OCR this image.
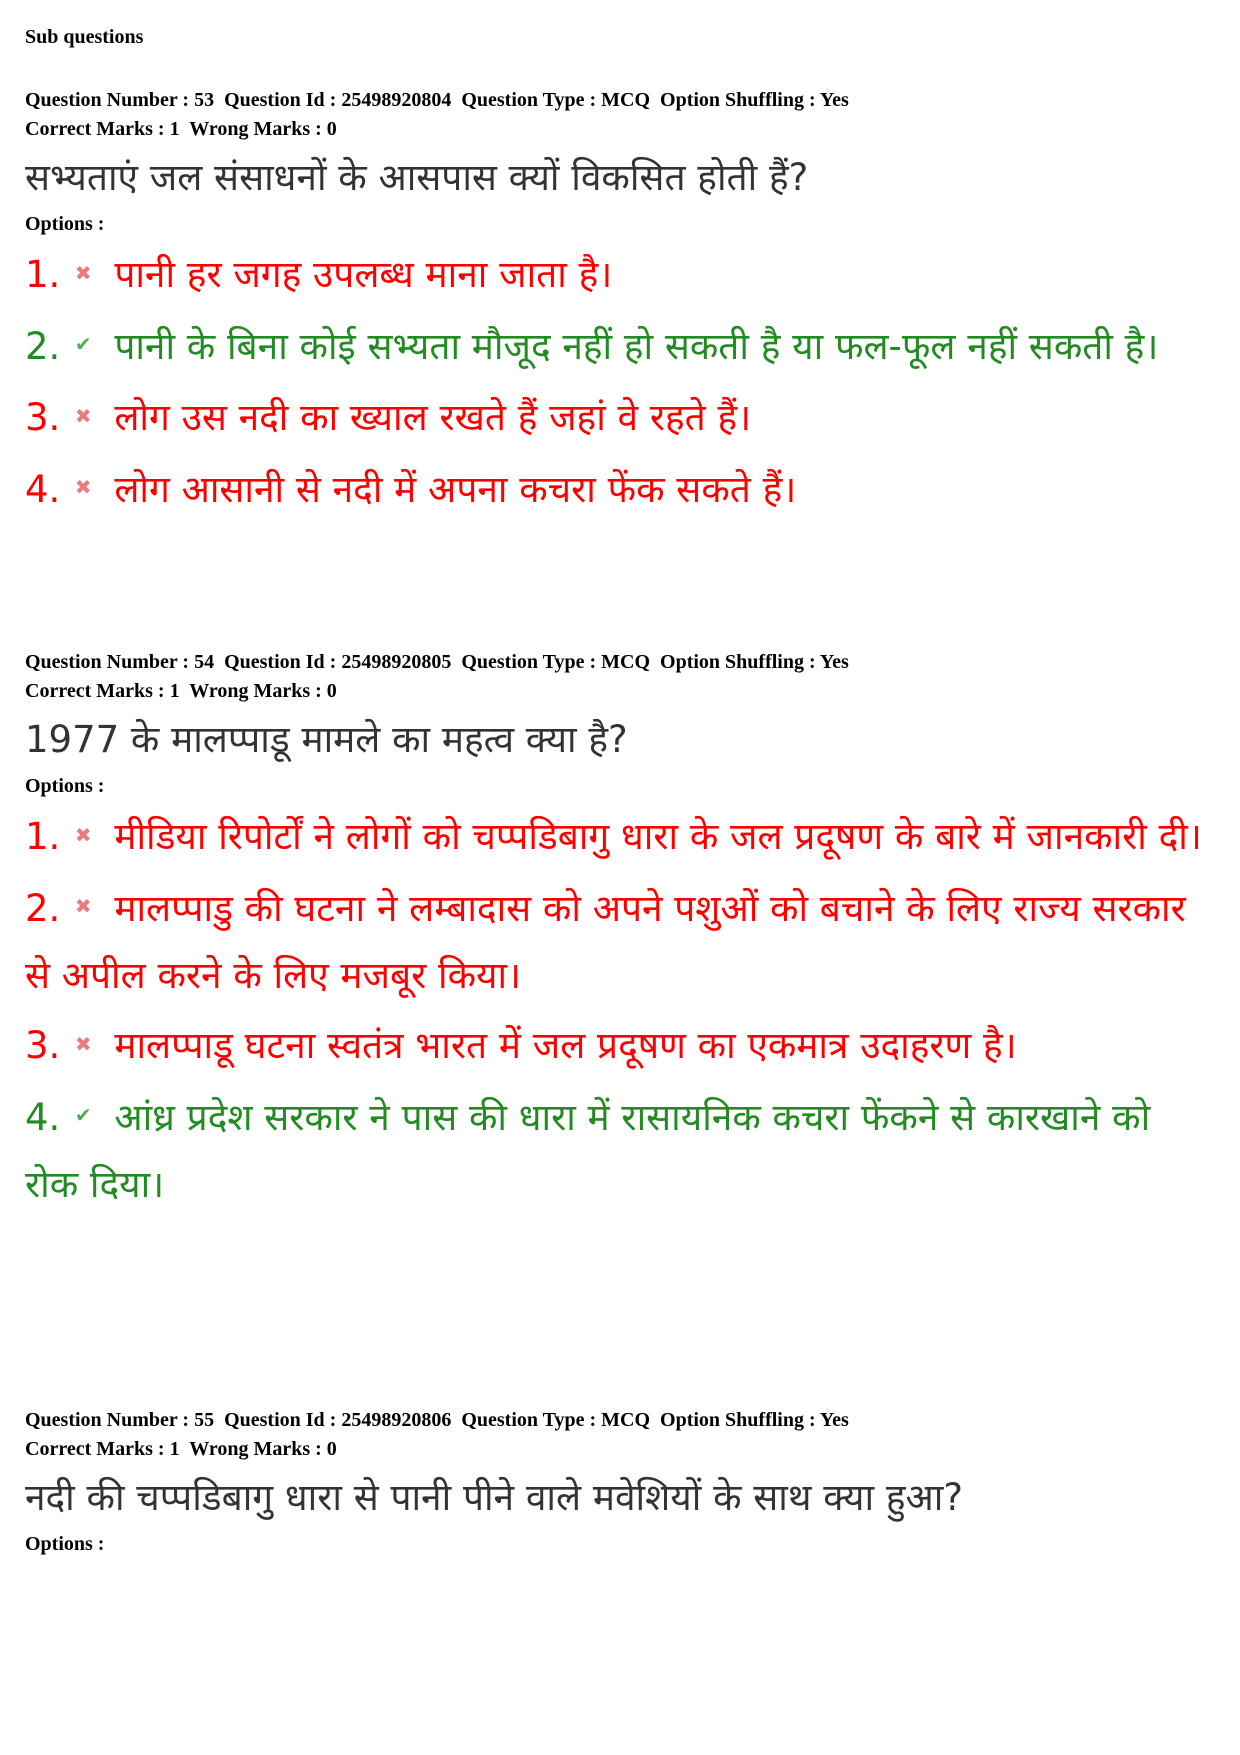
Sub questions
Question Number : 53  Question Id : 25498920804  Question Type : MCQ  Option Shuffling : Yes
Correct Marks : 1  Wrong Marks : 0
सभ्यताएं जल संसाधनों के आसपास क्यों विकसित होती हैं?
Options :
1. ✖ पानी हर जगह उपलब्ध माना जाता है।
2. ✔ पानी के बिना कोई सभ्यता मौजूद नहीं हो सकती है या फल-फूल नहीं सकती है।
3. ✖ लोग उस नदी का ख्याल रखते हैं जहां वे रहते हैं।
4. ✖ लोग आसानी से नदी में अपना कचरा फेंक सकते हैं।
Question Number : 54  Question Id : 25498920805  Question Type : MCQ  Option Shuffling : Yes
Correct Marks : 1  Wrong Marks : 0
1977 के मालप्पाडू मामले का महत्व क्या है?
Options :
1. ✖ मीडिया रिपोर्टों ने लोगों को चप्पडिबागु धारा के जल प्रदूषण के बारे में जानकारी दी।
2. ✖ मालप्पाडु की घटना ने लम्बादास को अपने पशुओं को बचाने के लिए राज्य सरकार से अपील करने के लिए मजबूर किया।
3. ✖ मालप्पाडू घटना स्वतंत्र भारत में जल प्रदूषण का एकमात्र उदाहरण है।
4. ✔ आंध्र प्रदेश सरकार ने पास की धारा में रासायनिक कचरा फेंकने से कारखाने को रोक दिया।
Question Number : 55  Question Id : 25498920806  Question Type : MCQ  Option Shuffling : Yes
Correct Marks : 1  Wrong Marks : 0
नदी की चप्पडिबागु धारा से पानी पीने वाले मवेशियों के साथ क्या हुआ?
Options :
